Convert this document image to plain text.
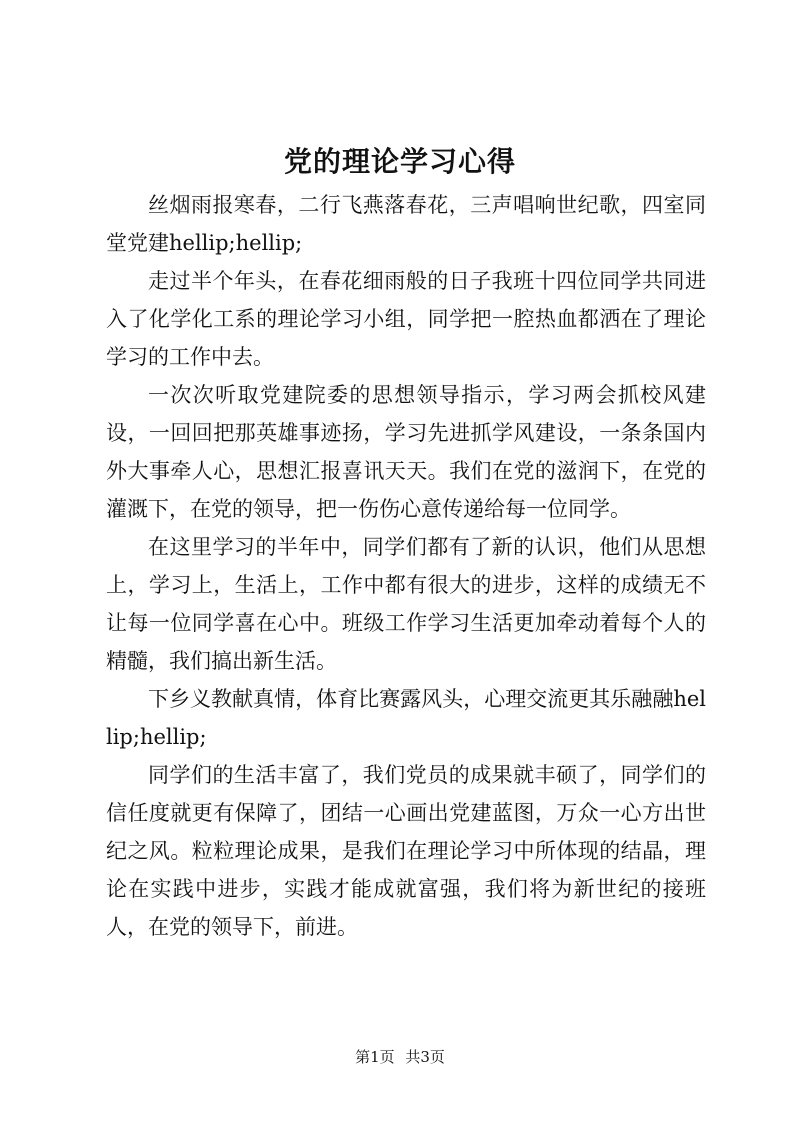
党的理论学习心得

丝烟雨报寒春，二行飞燕落春花，三声唱响世纪歌，四室同堂党建hellip;hellip;

走过半个年头，在春花细雨般的日子我班十四位同学共同进入了化学化工系的理论学习小组，同学把一腔热血都洒在了理论学习的工作中去。

一次次听取党建院委的思想领导指示，学习两会抓校风建设，一回回把那英雄事迹扬，学习先进抓学风建设，一条条国内外大事牵人心，思想汇报喜讯天天。我们在党的滋润下，在党的灌溉下，在党的领导，把一伤伤心意传递给每一位同学。

在这里学习的半年中，同学们都有了新的认识，他们从思想上，学习上，生活上，工作中都有很大的进步，这样的成绩无不让每一位同学喜在心中。班级工作学习生活更加牵动着每个人的精髓，我们搞出新生活。

下乡义教献真情，体育比赛露风头，心理交流更其乐融融hellip;hellip;

同学们的生活丰富了，我们党员的成果就丰硕了，同学们的信任度就更有保障了，团结一心画出党建蓝图，万众一心方出世纪之风。粒粒理论成果，是我们在理论学习中所体现的结晶，理论在实践中进步，实践才能成就富强，我们将为新世纪的接班人，在党的领导下，前进。

第1页 共3页
